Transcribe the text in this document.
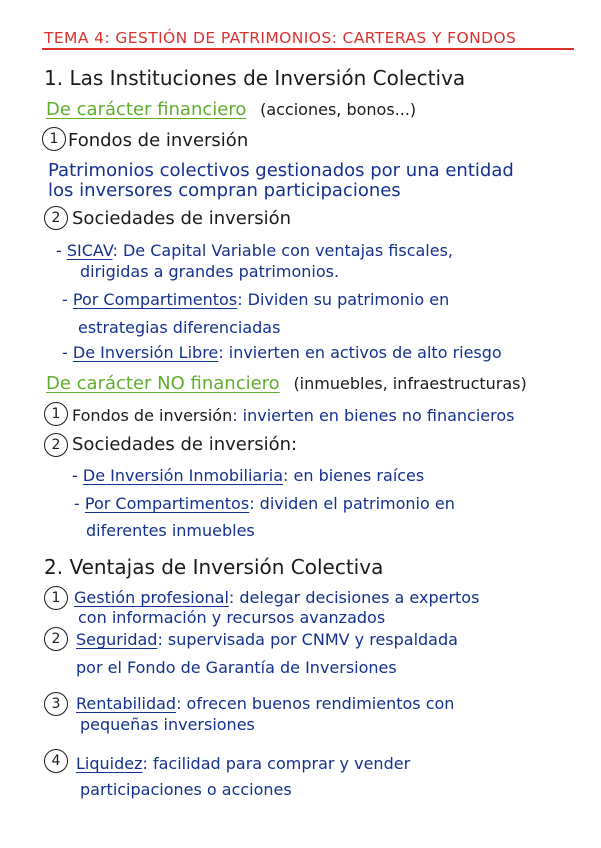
TEMA 4: GESTIÓN DE PATRIMONIOS: CARTERAS Y FONDOS
1. Las Instituciones de Inversión Colectiva
De carácter financiero (acciones, bonos...)
1 Fondos de inversión
Patrimonios colectivos gestionados por una entidad
los inversores compran participaciones
2 Sociedades de inversión
- SICAV: De Capital Variable con ventajas fiscales,
dirigidas a grandes patrimonios.
- Por Compartimentos: Dividen su patrimonio en
estrategias diferenciadas
- De Inversión Libre: invierten en activos de alto riesgo
De carácter NO financiero (inmuebles, infraestructuras)
1 Fondos de inversión: invierten en bienes no financieros
2 Sociedades de inversión:
- De Inversión Inmobiliaria: en bienes raíces
- Por Compartimentos: dividen el patrimonio en
diferentes inmuebles
2. Ventajas de Inversión Colectiva
1 Gestión profesional: delegar decisiones a expertos
con información y recursos avanzados
2 Seguridad: supervisada por CNMV y respaldada
por el Fondo de Garantía de Inversiones
3 Rentabilidad: ofrecen buenos rendimientos con
pequeñas inversiones
4 Liquidez: facilidad para comprar y vender
participaciones o acciones
